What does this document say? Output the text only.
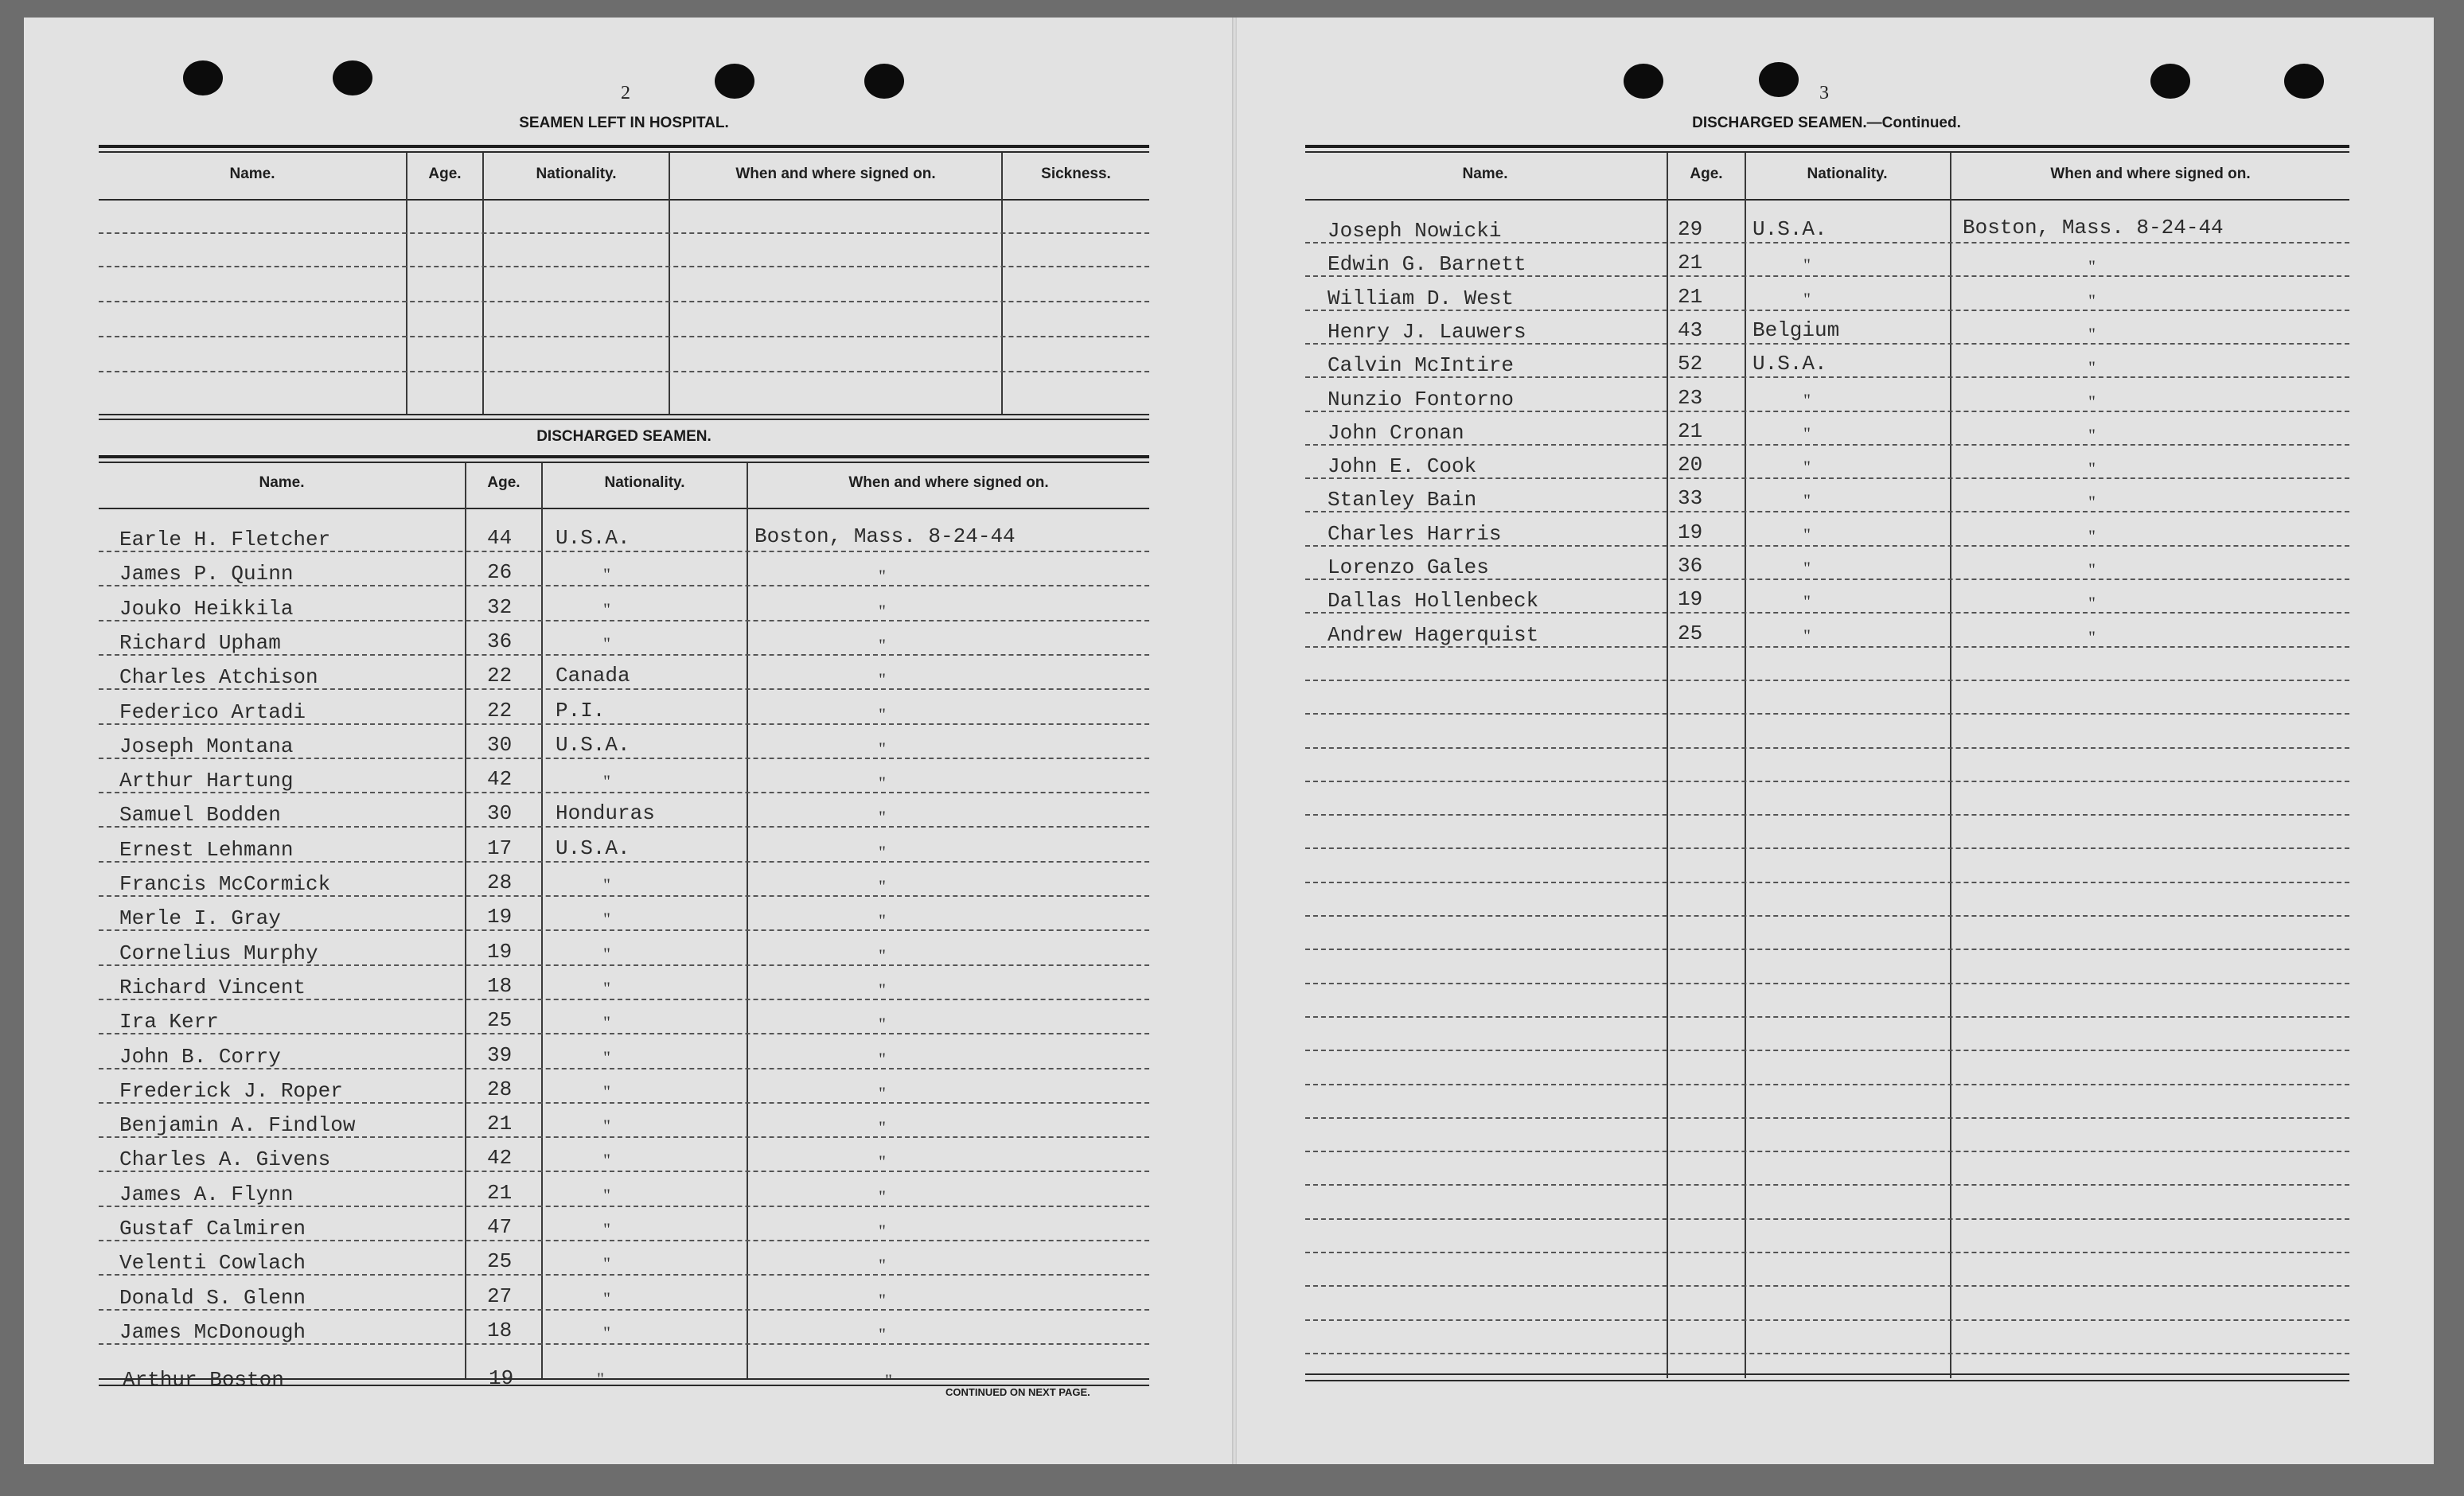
2
SEAMEN LEFT IN HOSPITAL.
Name.	Age.	Nationality.	When and where signed on.	Sickness.
DISCHARGED SEAMEN.
Name.	Age.	Nationality.	When and where signed on.
Earle H. Fletcher	44 U.S.A.	Boston, Mass. 8-24-44
James P. Quinn	26	"	"
Jouko Heikkila	32	"	"
Richard Upham	36	"	"
Charles Atchison	22 Canada	"
Federico Artadi	22 P.I.	"
Joseph Montana	30 U.S.A.	"
Arthur Hartung	42	"	"
Samuel Bodden	30 Honduras	"
Ernest Lehmann	17 U.S.A.	"
Francis McCormick	28	"	"
Merle I. Gray	19	"	"
Cornelius Murphy	19	"	"
Richard Vincent	18	"	"
Ira Kerr	25	"	"
John B. Corry	39	"	"
Frederick J. Roper	28	"	"
Benjamin A. Findlow	21	"	"
Charles A. Givens	42	"	"
James A. Flynn	21	"	"
Gustaf Calmiren	47	"	"
Velenti Cowlach	25	"	"
Donald S. Glenn	27	"	"
James McDonough	18	"	"
Arthur Boston	19	"	"
CONTINUED ON NEXT PAGE.
3
DISCHARGED SEAMEN.—Continued.
Name.	Age.	Nationality.	When and where signed on.
Joseph Nowicki	29 U.S.A.	Boston, Mass. 8-24-44
Edwin G. Barnett	21	"	"
William D. West	21	"	"
Henry J. Lauwers	43 Belgium	"
Calvin McIntire	52 U.S.A.	"
Nunzio Fontorno	23	"	"
John Cronan	21	"	"
John E. Cook	20	"	"
Stanley Bain	33	"	"
Charles Harris	19	"	"
Lorenzo Gales	36	"	"
Dallas Hollenbeck	19	"	"
Andrew Hagerquist	25	"	"
